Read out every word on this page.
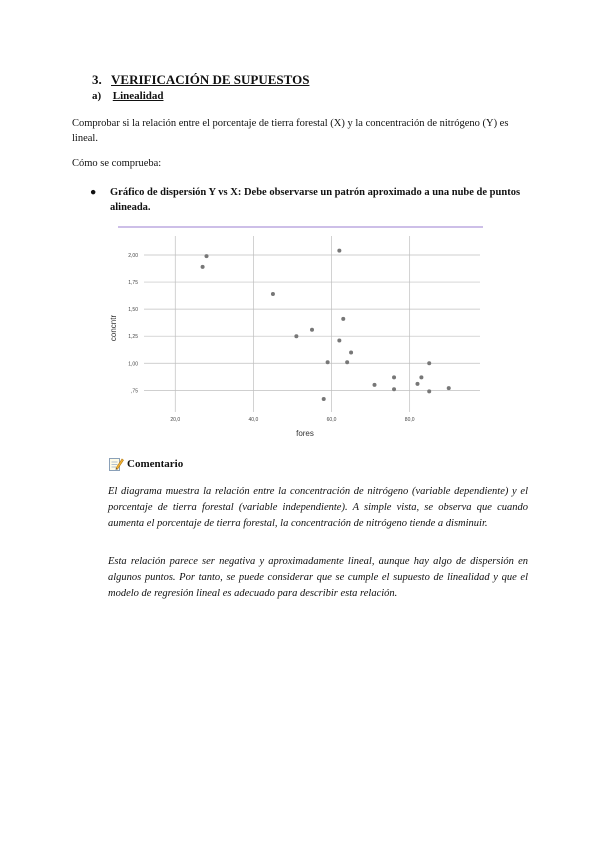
3. VERIFICACIÓN DE SUPUESTOS
a) Linealidad
Comprobar si la relación entre el porcentaje de tierra forestal (X) y la concentración de nitrógeno (Y) es lineal.
Cómo se comprueba:
● Gráfico de dispersión Y vs X: Debe observarse un patrón aproximado a una nube de puntos alineada.
,75
1,00
1,25
1,50
1,75
2,00
20,0	40,0	60,0	80,0
fores
concntr
Comentario
El diagrama muestra la relación entre la concentración de nitrógeno (variable dependiente) y el porcentaje de tierra forestal (variable independiente). A simple vista, se observa que cuando aumenta el porcentaje de tierra forestal, la concentración de nitrógeno tiende a disminuir.
Esta relación parece ser negativa y aproximadamente lineal, aunque hay algo de dispersión en algunos puntos. Por tanto, se puede considerar que se cumple el supuesto de linealidad y que el modelo de regresión lineal es adecuado para describir esta relación.
